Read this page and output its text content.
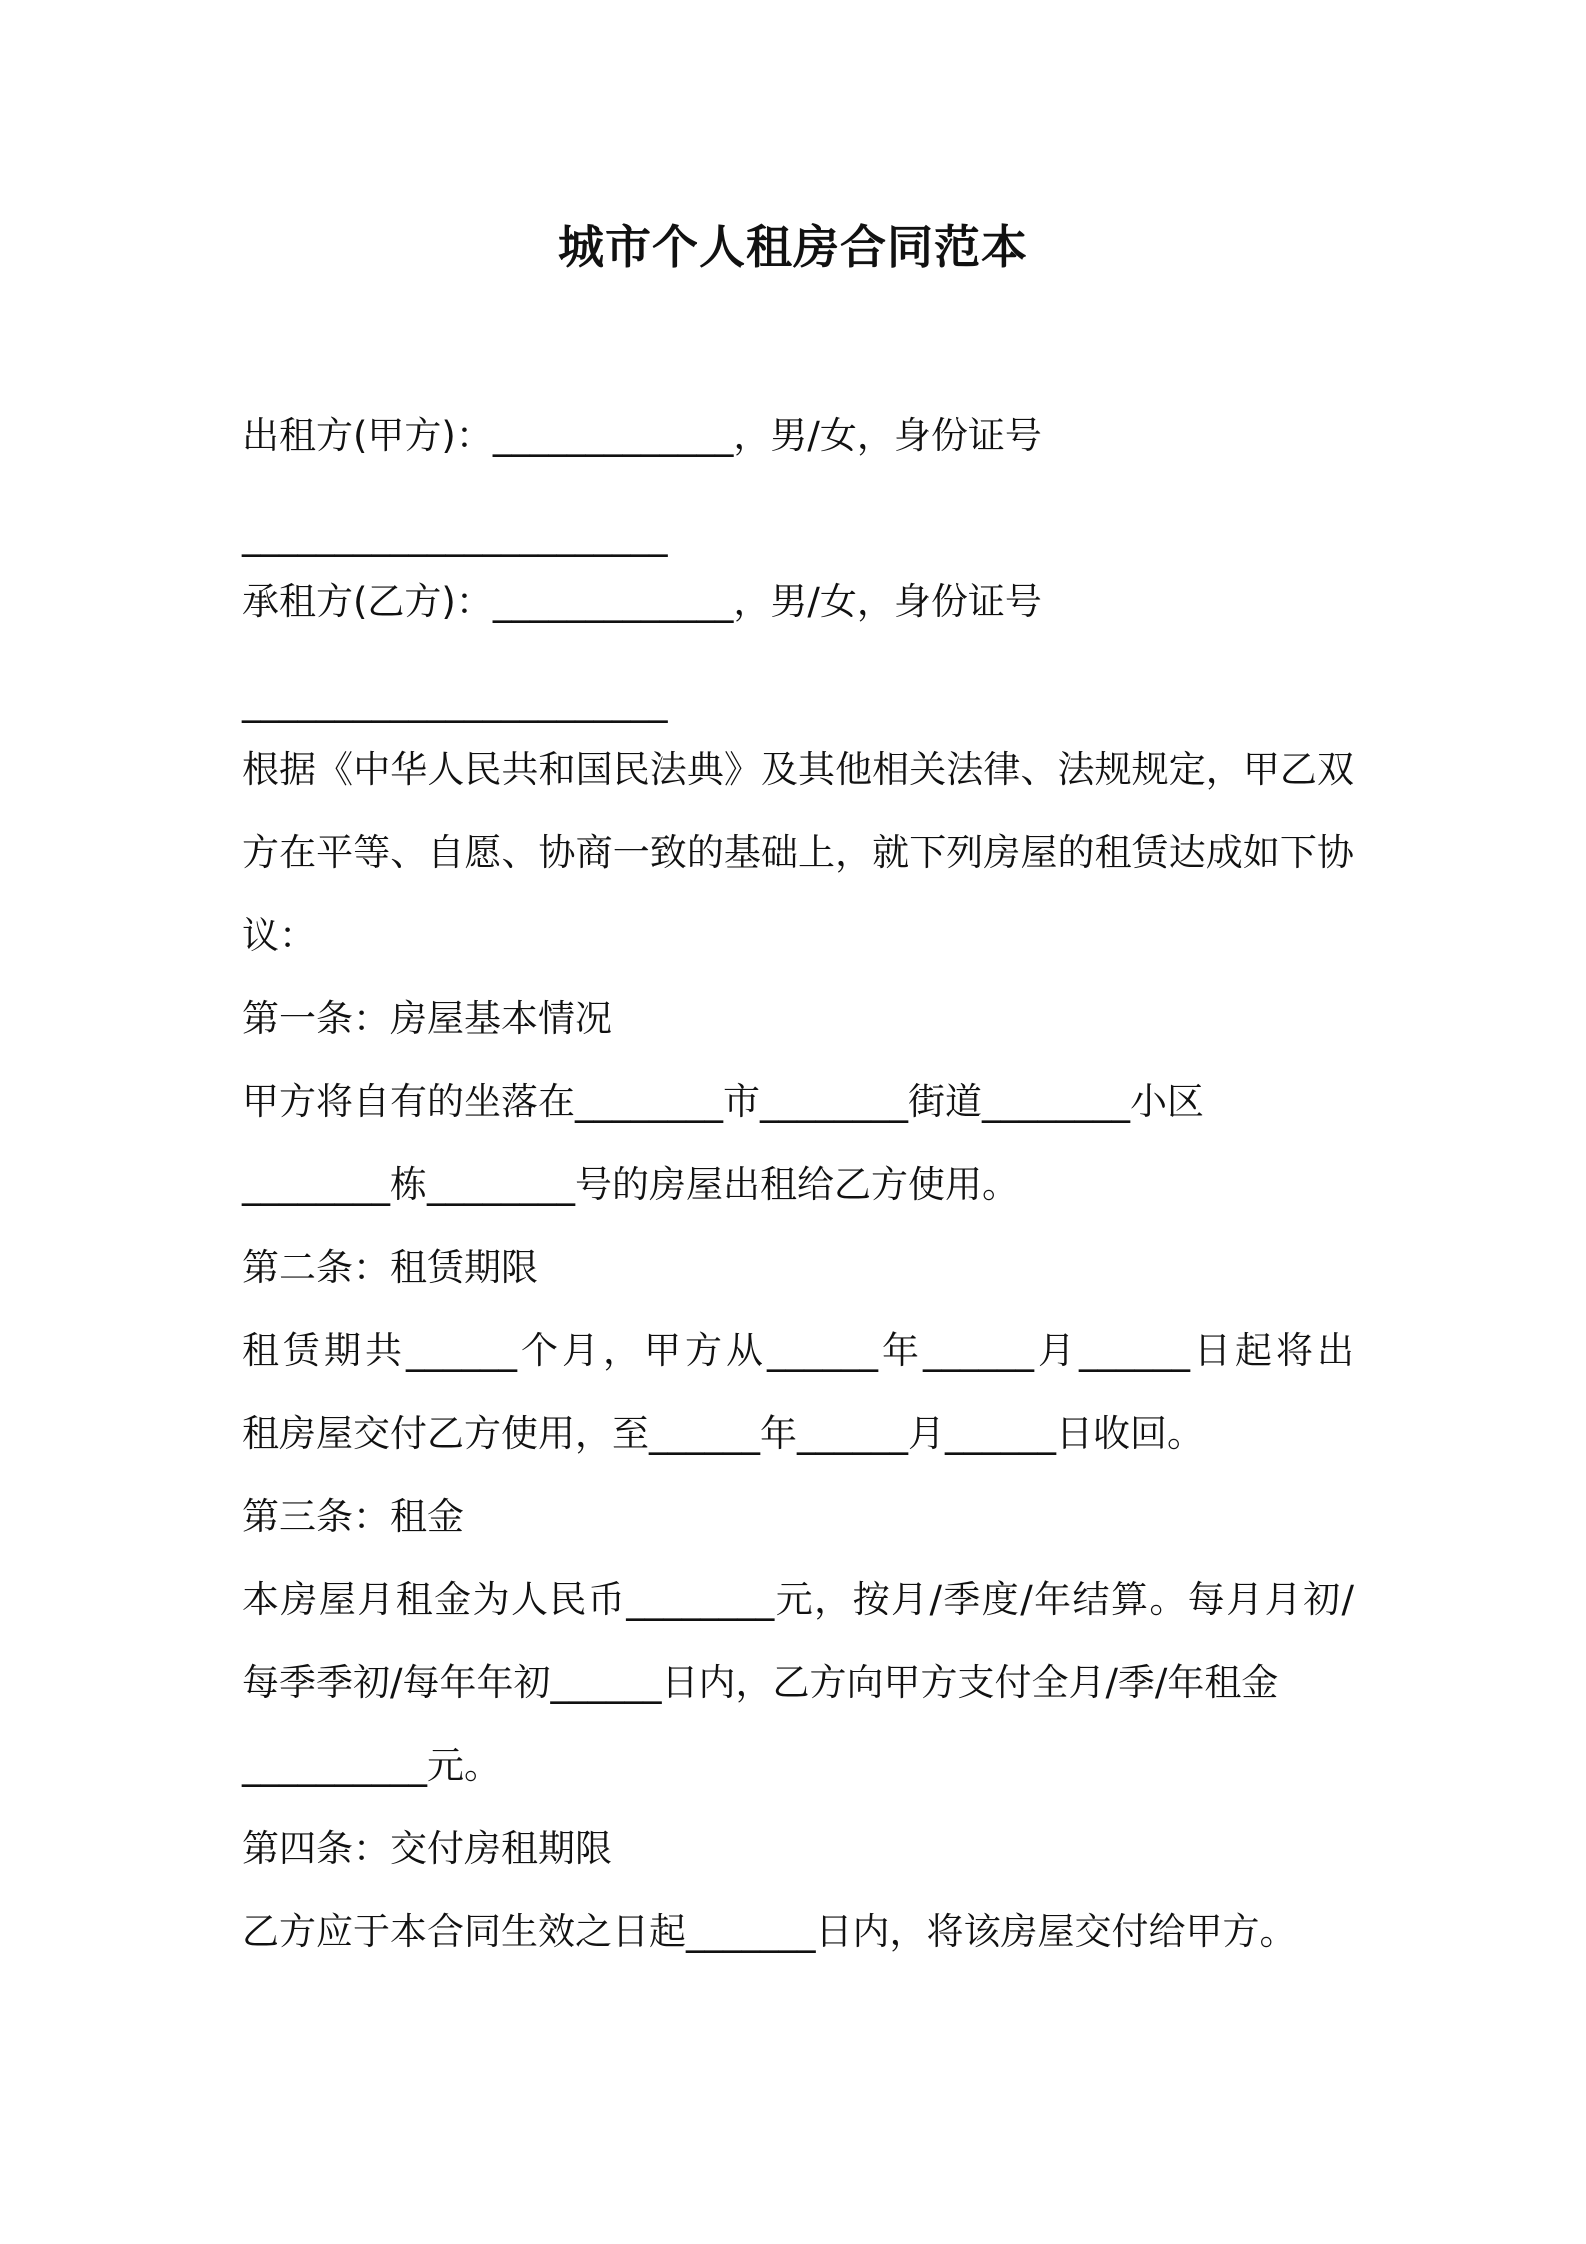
城市个人租房合同范本
出租方(甲方)：_____________，男/女，身份证号
_______________________
承租方(乙方)：_____________，男/女，身份证号
_______________________
根据《中华人民共和国民法典》及其他相关法律、法规规定，甲乙双
方在平等、自愿、协商一致的基础上，就下列房屋的租赁达成如下协
议：
第一条：房屋基本情况
甲方将自有的坐落在________市________街道________小区
________栋________号的房屋出租给乙方使用。
第二条：租赁期限
租赁期共______个月，甲方从______年______月______日起将出
租房屋交付乙方使用，至______年______月______日收回。
第三条：租金
本房屋月租金为人民币________元，按月/季度/年结算。每月月初/
每季季初/每年年初______日内，乙方向甲方支付全月/季/年租金
__________元。
第四条：交付房租期限
乙方应于本合同生效之日起_______日内，将该房屋交付给甲方。
